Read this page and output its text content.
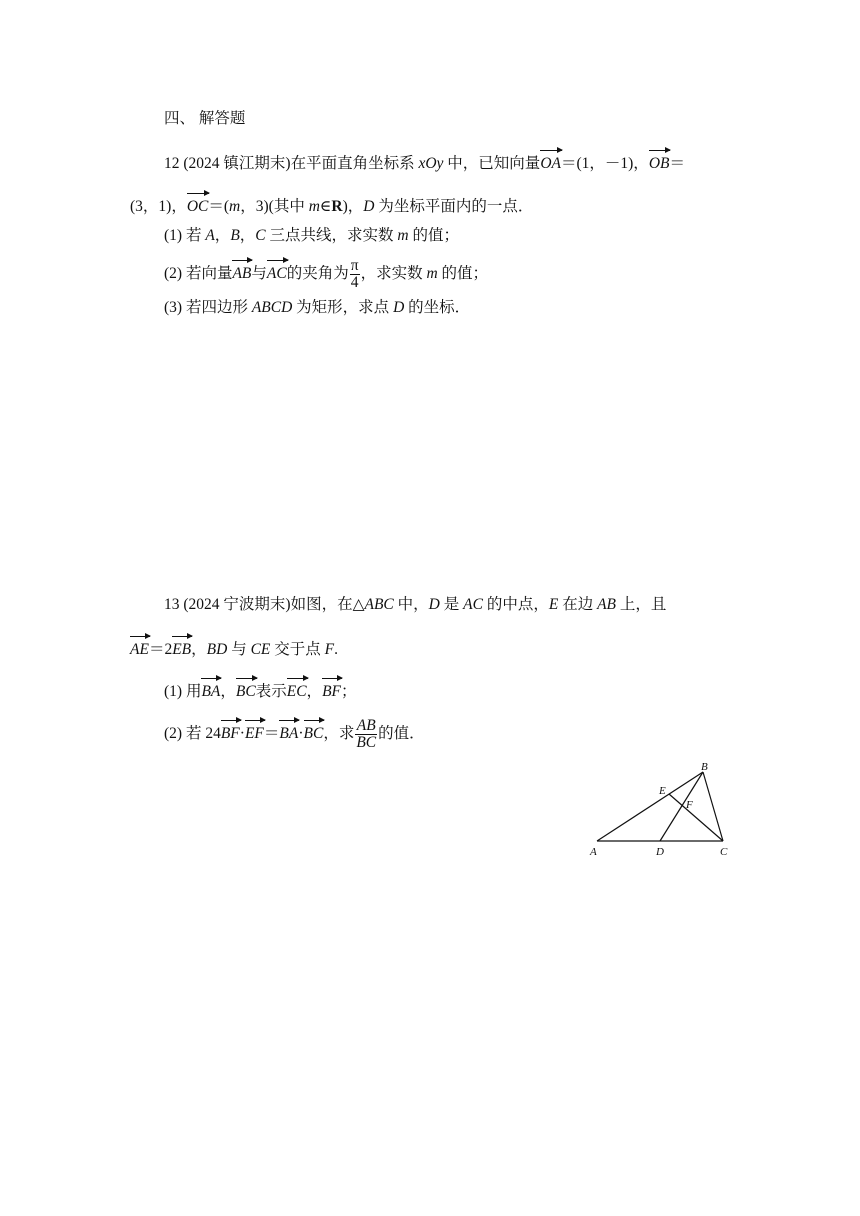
四、 解答题
12 (2024 镇江期末)在平面直角坐标系 xOy 中，已知向量
OA＝(1，－1)，
OB＝
(3，1)，
OC＝(m，3)(其中 m∈R)，D 为坐标平面内的一点．
(1) 若 A，B，C 三点共线，求实数 m 的值；
(2) 若向量
AB与
AC的夹角为 $\frac{\pi}{4}$ ，求实数 m 的值；
(3) 若四边形 ABCD 为矩形，求点 D 的坐标．
13 (2024 宁波期末)如图，在△ABC 中，D 是 AC 的中点，E 在边 AB 上，且
AE＝2
EB，BD 与 CE 交于点 F.
(1) 用
BA，
BC表示
EC，
BF；
(2) 若 24
BF·
EF＝
BA·
BC，求 $\frac{AB}{BC}$ 的值．
A	D	C
B
E
F
